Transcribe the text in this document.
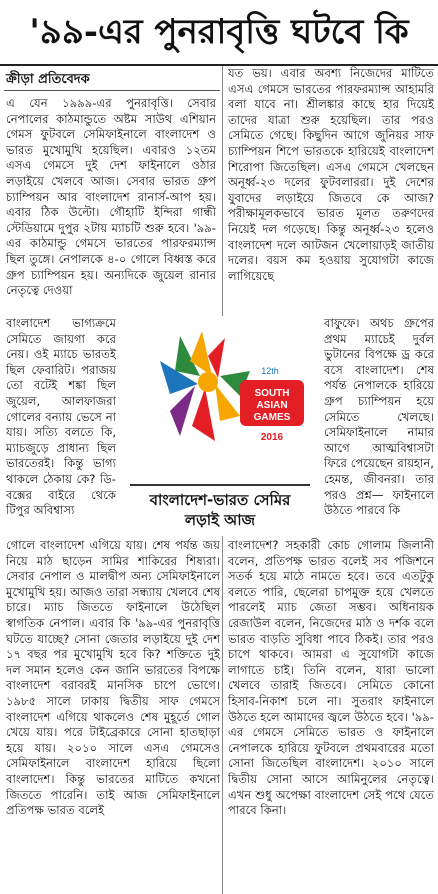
'৯৯-এর পুনরাবৃত্তি ঘটবে কি
ক্রীড়া প্রতিবেদক

এ যেন ১৯৯৯-এর পুনরাবৃত্তি। সেবার নেপালের কাঠমান্ডুতে অষ্টম সাউথ এশিয়ান গেমস ফুটবলে সেমিফাইনালে বাংলাদেশ ও ভারত মুখোমুখি হয়েছিল। এবারও ১২তম এসএ গেমসে দুই দেশ ফাইনালে ওঠার লড়াইয়ে খেলবে আজ। সেবার ভারত গ্রুপ চ্যাম্পিয়ন আর বাংলাদেশ রানার্স-আপ হয়। এবার ঠিক উল্টো। গৌহাটি ইন্দিরা গান্ধী স্টেডিয়ামে দুপুর ২টায় ম্যাচটি শুরু হবে। '৯৯-এর কাঠমান্ডু গেমসে ভারতের পারফরম্যান্স ছিল তুঙ্গে। নেপালকে ৪-০ গোলে বিধ্বস্ত করে গ্রুপ চ্যাম্পিয়ন হয়। অন্যদিকে জুয়েল রানার নেতৃত্বে দেওয়া

যত ভয়। এবার অবশ্য নিজেদের মাটিতে এসএ গেমসে ভারতের পারফরম্যান্স আহামরি বলা যাবে না। শ্রীলঙ্কার কাছে হার দিয়েই তাদের যাত্রা শুরু হয়েছিল। তার পরও সেমিতে গেছে। কিছুদিন আগে জুনিয়র সাফ চ্যাম্পিয়ন শিপে ভারতকে হারিয়েই বাংলাদেশ শিরোপা জিতেছিল। এসএ গেমসে খেলছেন অনূর্ধ্ব-২৩ দলের ফুটবলাররা। দুই দেশের যুবাদের লড়াইয়ে জিতবে কে আজ? পরীক্ষামূলকভাবে ভারত মূলত তরুণদের নিয়েই দল গড়েছে। কিন্তু অনূর্ধ্ব-২৩ হলেও বাংলাদেশ দলে আটজন খেলোয়াড়ই জাতীয় দলের। বয়স কম হওয়ায় সুযোগটা কাজে লাগিয়েছে

বাংলাদেশ ভাগ্যক্রমে সেমিতে জায়গা করে নেয়। ওই ম্যাচে ভারতই ছিল ফেবারিট। পরাজয় তো বটেই শঙ্কা ছিল জুয়েল, আলফাজরা গোলের বন্যায় ভেসে না যায়। সত্যি বলতে কি, ম্যাচজুড়ে প্রাধান্য ছিল ভারতেরই। কিন্তু ভাগ্য থাকলে ঠেকায় কে? ডি-বক্সের বাইরে থেকে টিপুর অবিশ্বাস্য

12th
SOUTH
ASIAN
GAMES
2016
বাংলাদেশ-ভারত সেমির লড়াই আজ

বাফুফে। অথচ গ্রুপের প্রথম ম্যাচেই দুর্বল ভুটানের বিপক্ষে ড্র করে বসে বাংলাদেশ। শেষ পর্যন্ত নেপালকে হারিয়ে গ্রুপ চ্যাম্পিয়ন হয়ে সেমিতে খেলছে। সেমিফাইনালে নামার আগে আত্মবিশ্বাসটা ফিরে পেয়েছেন রায়হান, হেমন্ত, জীবনরা। তার পরও প্রশ্ন— ফাইনালে উঠতে পারবে কি

গোলে বাংলাদেশ এগিয়ে যায়। শেষ পর্যন্ত জয় নিয়ে মাঠ ছাড়েন সামির শাকিরের শিষ্যরা। সেবার নেপাল ও মালদ্বীপ অন্য সেমিফাইনালে মুখোমুখি হয়। আজও তারা সন্ধ্যায় খেলবে শেষ চারে। ম্যাচ জিততে ফাইনালে উঠেছিল স্বাগতিক নেপাল। এবার কি '৯৯-এর পুনরাবৃত্তি ঘটতে যাচ্ছে? সোনা জেতার লড়াইয়ে দুই দেশ ১৭ বছর পর মুখোমুখি হবে কি? শক্তিতে দুই দল সমান হলেও কেন জানি ভারতের বিপক্ষে বাংলাদেশ বরাবরই মানসিক চাপে ভোগে। ১৯৮৫ সালে ঢাকায় দ্বিতীয় সাফ গেমসে বাংলাদেশ এগিয়ে থাকলেও শেষ মুহূর্তে গোল খেয়ে যায়। পরে টাইব্রেকারে সোনা হাতছাড়া হয়ে যায়। ২০১০ সালে এসএ গেমসেও সেমিফাইনালে বাংলাদেশ হারিয়ে ছিলো বাংলাদেশ। কিন্তু ভারতের মাটিতে কখনো জিততে পারেনি। তাই আজ সেমিফাইনালে প্রতিপক্ষ ভারত বলেই

বাংলাদেশ? সহকারী কোচ গোলাম জিলানী বলেন, প্রতিপক্ষ ভারত বলেই সব পজিশনে সতর্ক হয়ে মাঠে নামতে হবে। তবে এতটুকু বলতে পারি, ছেলেরা চাপমুক্ত হয়ে খেলতে পারলেই ম্যাচ জেতা সম্ভব। অধিনায়ক রেজাউল বলেন, নিজেদের মাঠ ও দর্শক বলে ভারত বাড়তি সুবিধা পাবে ঠিকই। তার পরও চাপে থাকবে। আমরা এ সুযোগটা কাজে লাগাতে চাই। তিনি বলেন, যারা ভালো খেলবে তারাই জিতবে। সেমিতে কোনো হিসাব-নিকাশ চলে না। সুতরাং ফাইনালে উঠতে হলে আমাদের জ্বলে উঠতে হবে। '৯৯-এর গেমসে সেমিতে ভারত ও ফাইনালে নেপালকে হারিয়ে ফুটবলে প্রথমবারের মতো সোনা জিতেছিল বাংলাদেশ। ২০১০ সালে দ্বিতীয় সোনা আসে আমিনুলের নেতৃত্বে। এখন শুধু অপেক্ষা বাংলাদেশ সেই পথে যেতে পারবে কিনা।
